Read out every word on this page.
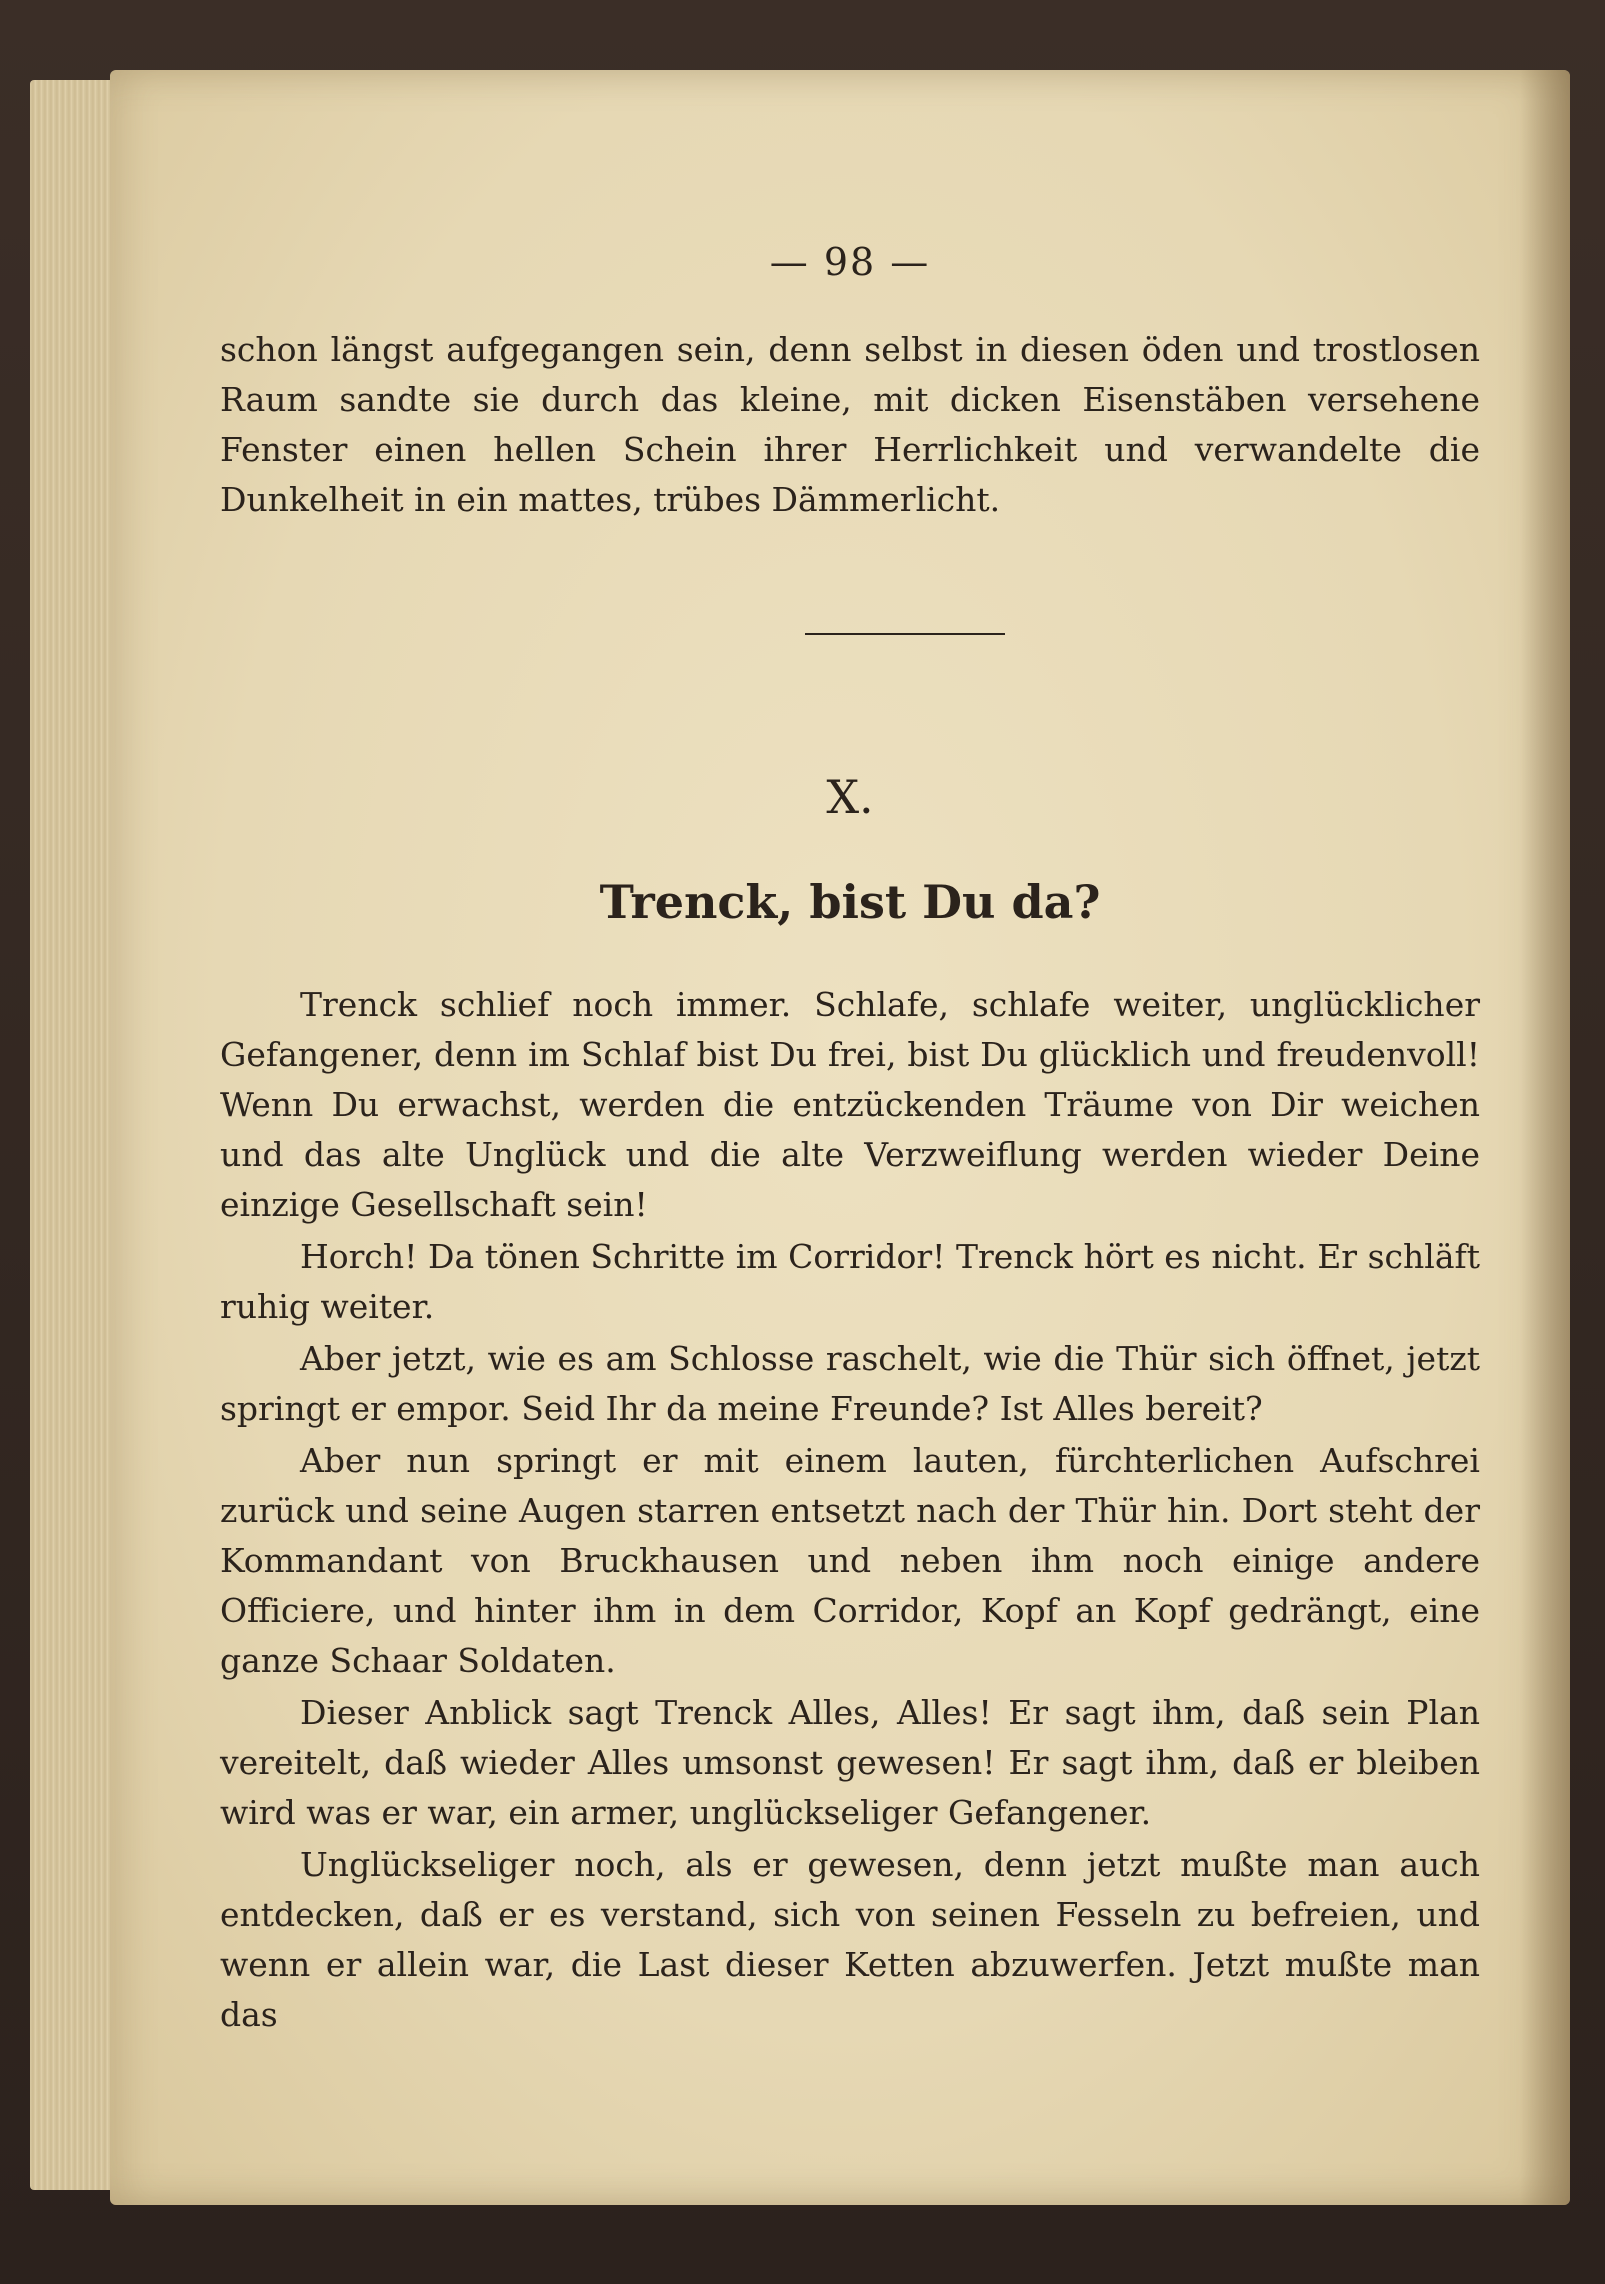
— 98 —

schon längst aufgegangen sein, denn selbst in diesen öden und trostlosen Raum sandte sie durch das kleine, mit dicken Eisenstäben versehene Fenster einen hellen Schein ihrer Herrlichkeit und verwandelte die Dunkelheit in ein mattes, trübes Dämmerlicht.

X.
Trenck, bist Du da?

Trenck schlief noch immer. Schlafe, schlafe weiter, unglücklicher Gefangener, denn im Schlaf bist Du frei, bist Du glücklich und freudenvoll! Wenn Du erwachst, werden die entzückenden Träume von Dir weichen und das alte Unglück und die alte Verzweiflung werden wieder Deine einzige Gesellschaft sein!

Horch! Da tönen Schritte im Corridor! Trenck hört es nicht. Er schläft ruhig weiter.

Aber jetzt, wie es am Schlosse raschelt, wie die Thür sich öffnet, jetzt springt er empor. Seid Ihr da meine Freunde? Ist Alles bereit?

Aber nun springt er mit einem lauten, fürchterlichen Aufschrei zurück und seine Augen starren entsetzt nach der Thür hin. Dort steht der Kommandant von Bruckhausen und neben ihm noch einige andere Officiere, und hinter ihm in dem Corridor, Kopf an Kopf gedrängt, eine ganze Schaar Soldaten.

Dieser Anblick sagt Trenck Alles, Alles! Er sagt ihm, daß sein Plan vereitelt, daß wieder Alles umsonst gewesen! Er sagt ihm, daß er bleiben wird was er war, ein armer, unglückseliger Gefangener.

Unglückseliger noch, als er gewesen, denn jetzt mußte man auch entdecken, daß er es verstand, sich von seinen Fesseln zu befreien, und wenn er allein war, die Last dieser Ketten abzuwerfen. Jetzt mußte man das
